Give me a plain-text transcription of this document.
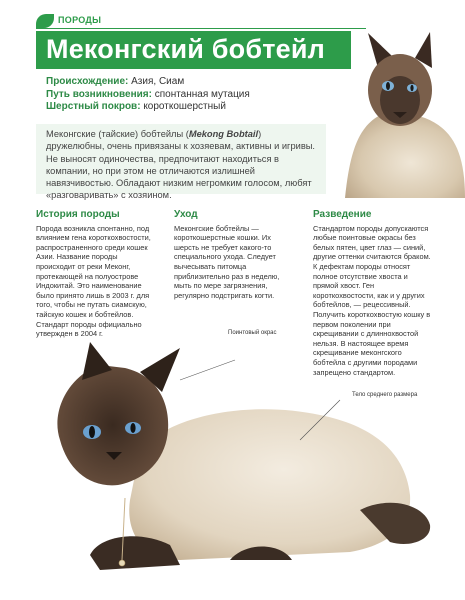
ПОРОДЫ
Меконгский бобтейл
Происхождение: Азия, Сиам
Путь возникновения: спонтанная мутация
Шерстный покров: короткошерстный
Меконгские (тайские) бобтейлы (Mekong Bobtail) дружелюбны, очень привязаны к хозяевам, активны и игривы. Не выносят одиночества, предпочитают находиться в компании, но при этом не отличаются излишней навязчивостью. Обладают низким негромким голосом, любят «разговаривать» с хозяином.
История породы
Порода возникла спонтанно, под влиянием гена короткохвостости, распространенного среди кошек Азии. Название породы происходит от реки Меконг, протекающей на полуострове Индокитай. Это наименование было принято лишь в 2003 г. для того, чтобы не путать сиамскую, тайскую кошек и бобтейлов. Стандарт породы официально утвержден в 2004 г.
Уход
Меконгские бобтейлы — короткошерстные кошки. Их шерсть не требует какого-то специального ухода. Следует вычесывать питомца приблизительно раз в неделю, мыть по мере загрязнения, регулярно подстригать когти.
Разведение
Стандартом породы допускаются любые поинтовые окрасы без белых пятен, цвет глаз — синий, другие оттенки считаются браком. К дефектам породы относят полное отсутствие хвоста и прямой хвост. Ген короткохвостости, как и у других бобтейлов, — рецессивный. Получить короткохвостую кошку в первом поколении при скрещивании с длиннохвостой нельзя. В настоящее время скрещивание меконгского бобтейла с другими породами запрещено стандартом.
Поинтовый окрас
Тело среднего размера
